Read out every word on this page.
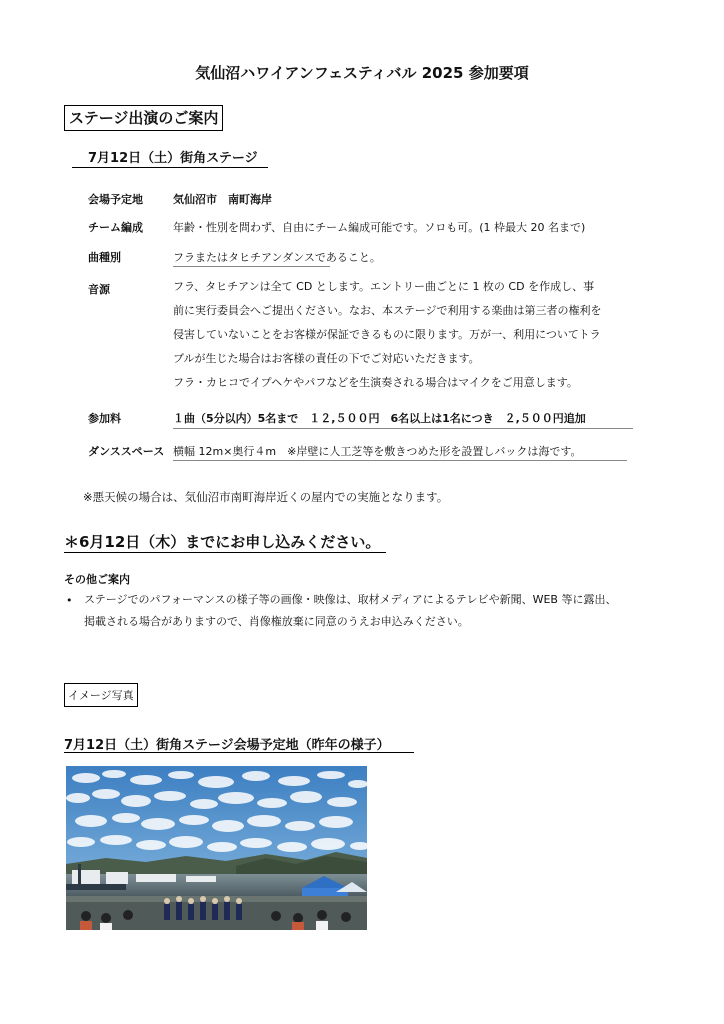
気仙沼ハワイアンフェスティバル 2025 参加要項
ステージ出演のご案内
7月12日（土）街角ステージ
会場予定地	気仙沼市　南町海岸
チーム編成	年齢・性別を問わず、自由にチーム編成可能です。ソロも可。(1 枠最大 20 名まで)
曲種別	フラまたはタヒチアンダンスであること。
音源	フラ、タヒチアンは全て CD とします。エントリー曲ごとに 1 枚の CD を作成し、事
前に実行委員会へご提出ください。なお、本ステージで利用する楽曲は第三者の権利を
侵害していないことをお客様が保証できるものに限ります。万が一、利用についてトラ
ブルが生じた場合はお客様の責任の下でご対応いただきます。
フラ・カヒコでイプヘケやパフなどを生演奏される場合はマイクをご用意します。
参加料	１曲（5分以内）5名まで　１２,５００円　6名以上は1名につき　２,５００円追加
ダンススペース 横幅 12m×奥行４m　※岸壁に人工芝等を敷きつめた形を設置しバックは海です。
※悪天候の場合は、気仙沼市南町海岸近くの屋内での実施となります。
＊6月12日（木）までにお申し込みください。
その他ご案内
• ステージでのパフォーマンスの様子等の画像・映像は、取材メディアによるテレビや新聞、WEB 等に露出、
掲載される場合がありますので、肖像権放棄に同意のうえお申込みください。
イメージ写真
7月12日（土）街角ステージ会場予定地（昨年の様子）
